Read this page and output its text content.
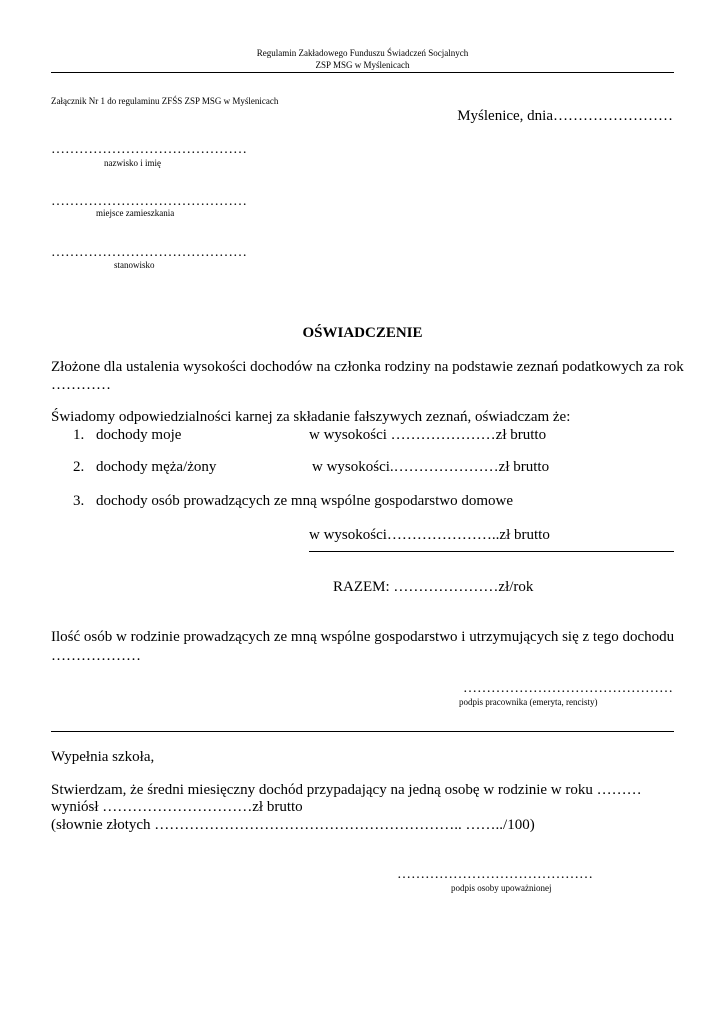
Regulamin Zakładowego Funduszu Świadczeń Socjalnych
ZSP MSG w Myślenicach
Załącznik Nr 1 do regulaminu ZFŚS ZSP MSG w Myślenicach
Myślenice, dnia……………………
……………………………………
nazwisko i imię
……………………………………
miejsce zamieszkania
……………………………………
stanowisko
OŚWIADCZENIE
Złożone dla ustalenia wysokości dochodów na członka rodziny na podstawie zeznań podatkowych za rok
…………
Świadomy odpowiedzialności karnej za składanie fałszywych zeznań, oświadczam że:
1. dochody moje	w wysokości …………………zł brutto
2. dochody męża/żony	w wysokości.…………………zł brutto
3. dochody osób prowadzących ze mną wspólne gospodarstwo domowe
w wysokości…………………..zł brutto
RAZEM: …………………zł/rok
Ilość osób w rodzinie prowadzących ze mną wspólne gospodarstwo i utrzymujących się z tego dochodu
………………
………………………………………
podpis pracownika (emeryta, rencisty)
Wypełnia szkoła,
Stwierdzam, że średni miesięczny dochód przypadający na jedną osobę w rodzinie w roku ………
wyniósł …………………………zł brutto
(słownie złotych …………………………………………………….. ……../100)
……………………………………
podpis osoby upoważnionej
